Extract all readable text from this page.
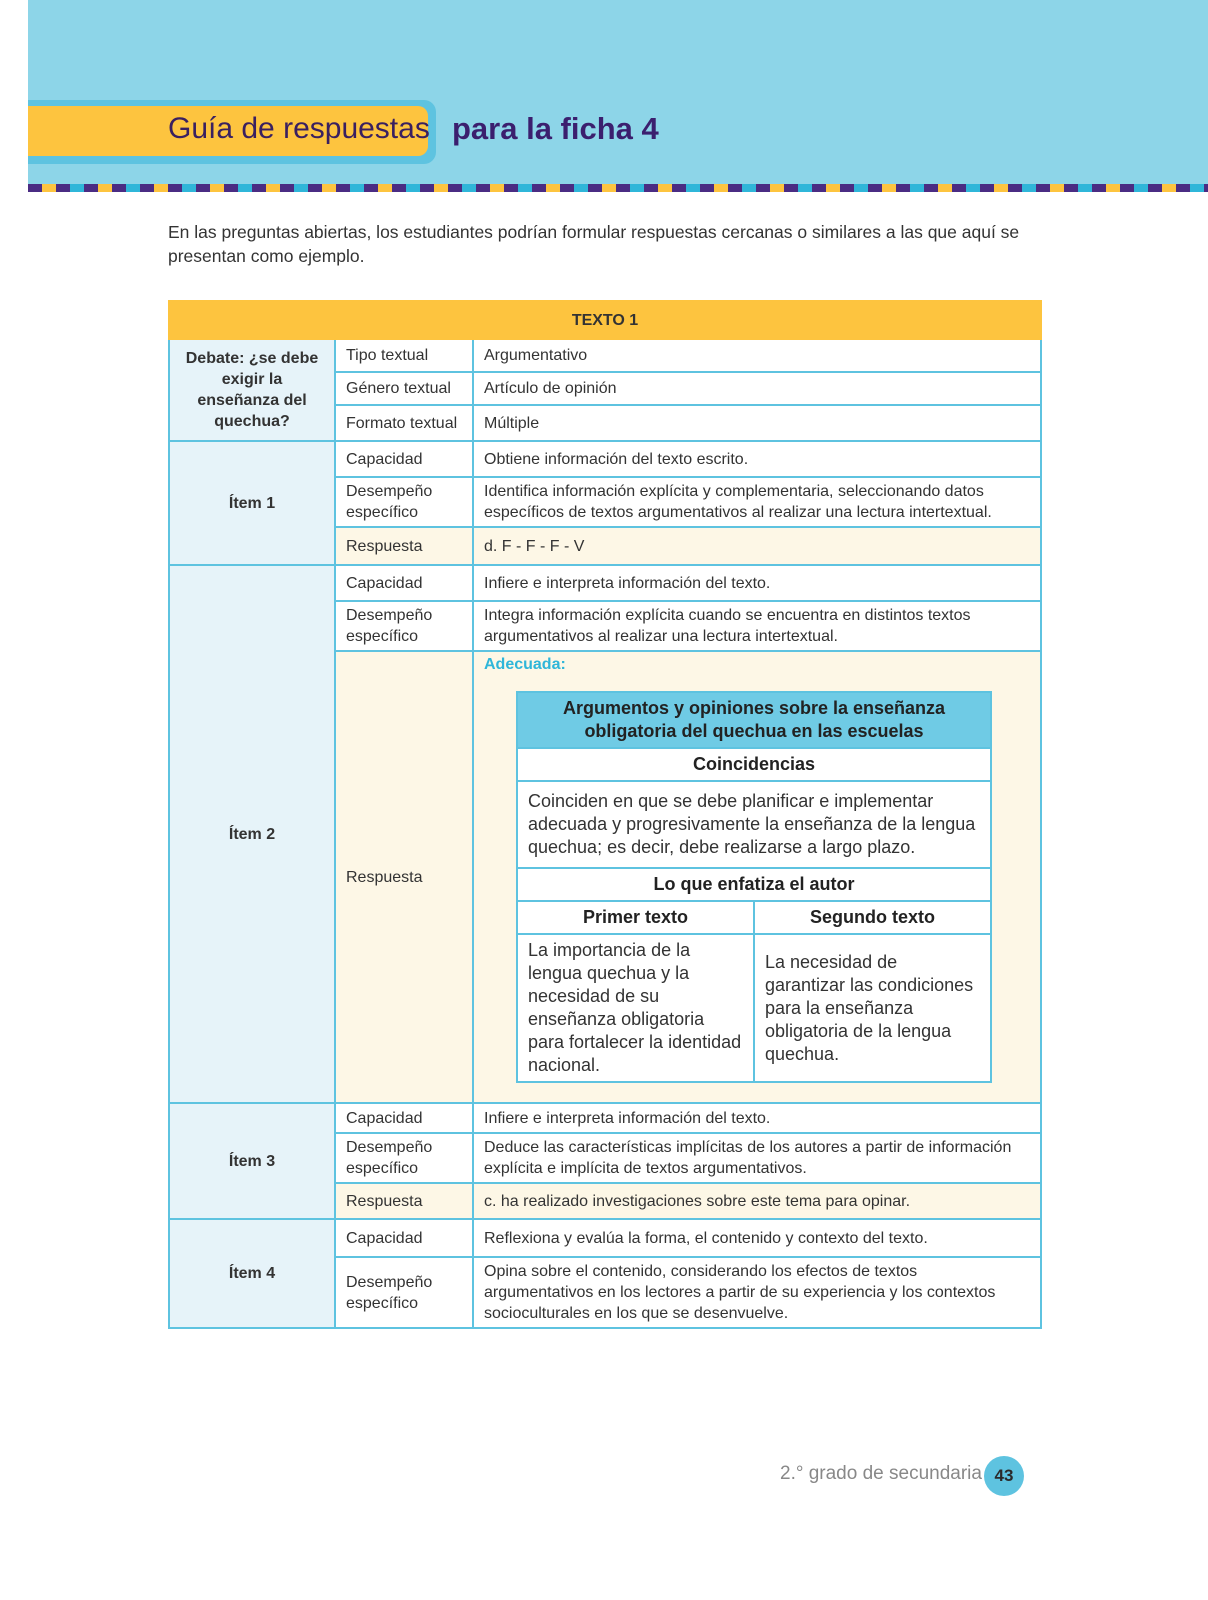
Guía de respuestas para la ficha 4
En las preguntas abiertas, los estudiantes podrían formular respuestas cercanas o similares a las que aquí se presentan como ejemplo.
TEXTO 1
Debate: ¿se debe exigir la enseñanza del quechua?	Tipo textual	Argumentativo
Género textual	Artículo de opinión
Formato textual	Múltiple
Ítem 1	Capacidad	Obtiene información del texto escrito.
Desempeño específico	Identifica información explícita y complementaria, seleccionando datos específicos de textos argumentativos al realizar una lectura intertextual.
Respuesta	d. F - F - F - V
Ítem 2	Capacidad	Infiere e interpreta información del texto.
Desempeño específico	Integra información explícita cuando se encuentra en distintos textos argumentativos al realizar una lectura intertextual.
Respuesta	
Adecuada:
Argumentos y opiniones sobre la enseñanza obligatoria del quechua en las escuelas
Coincidencias
Coinciden en que se debe planificar e implementar adecuada y progresivamente la enseñanza de la lengua quechua; es decir, debe realizarse a largo plazo.
Lo que enfatiza el autor
Primer texto	Segundo texto
La importancia de la lengua quechua y la necesidad de su enseñanza obligatoria para fortalecer la identidad nacional.	La necesidad de garantizar las condiciones para la enseñanza obligatoria de la lengua quechua.

Ítem 3	Capacidad	Infiere e interpreta información del texto.
Desempeño específico	Deduce las características implícitas de los autores a partir de información explícita e implícita de textos argumentativos.
Respuesta	c. ha realizado investigaciones sobre este tema para opinar.
Ítem 4	Capacidad	Reflexiona y evalúa la forma, el contenido y contexto del texto.
Desempeño específico	Opina sobre el contenido, considerando los efectos de textos argumentativos en los lectores a partir de su experiencia y los contextos socioculturales en los que se desenvuelve.
2.° grado de secundaria 43
